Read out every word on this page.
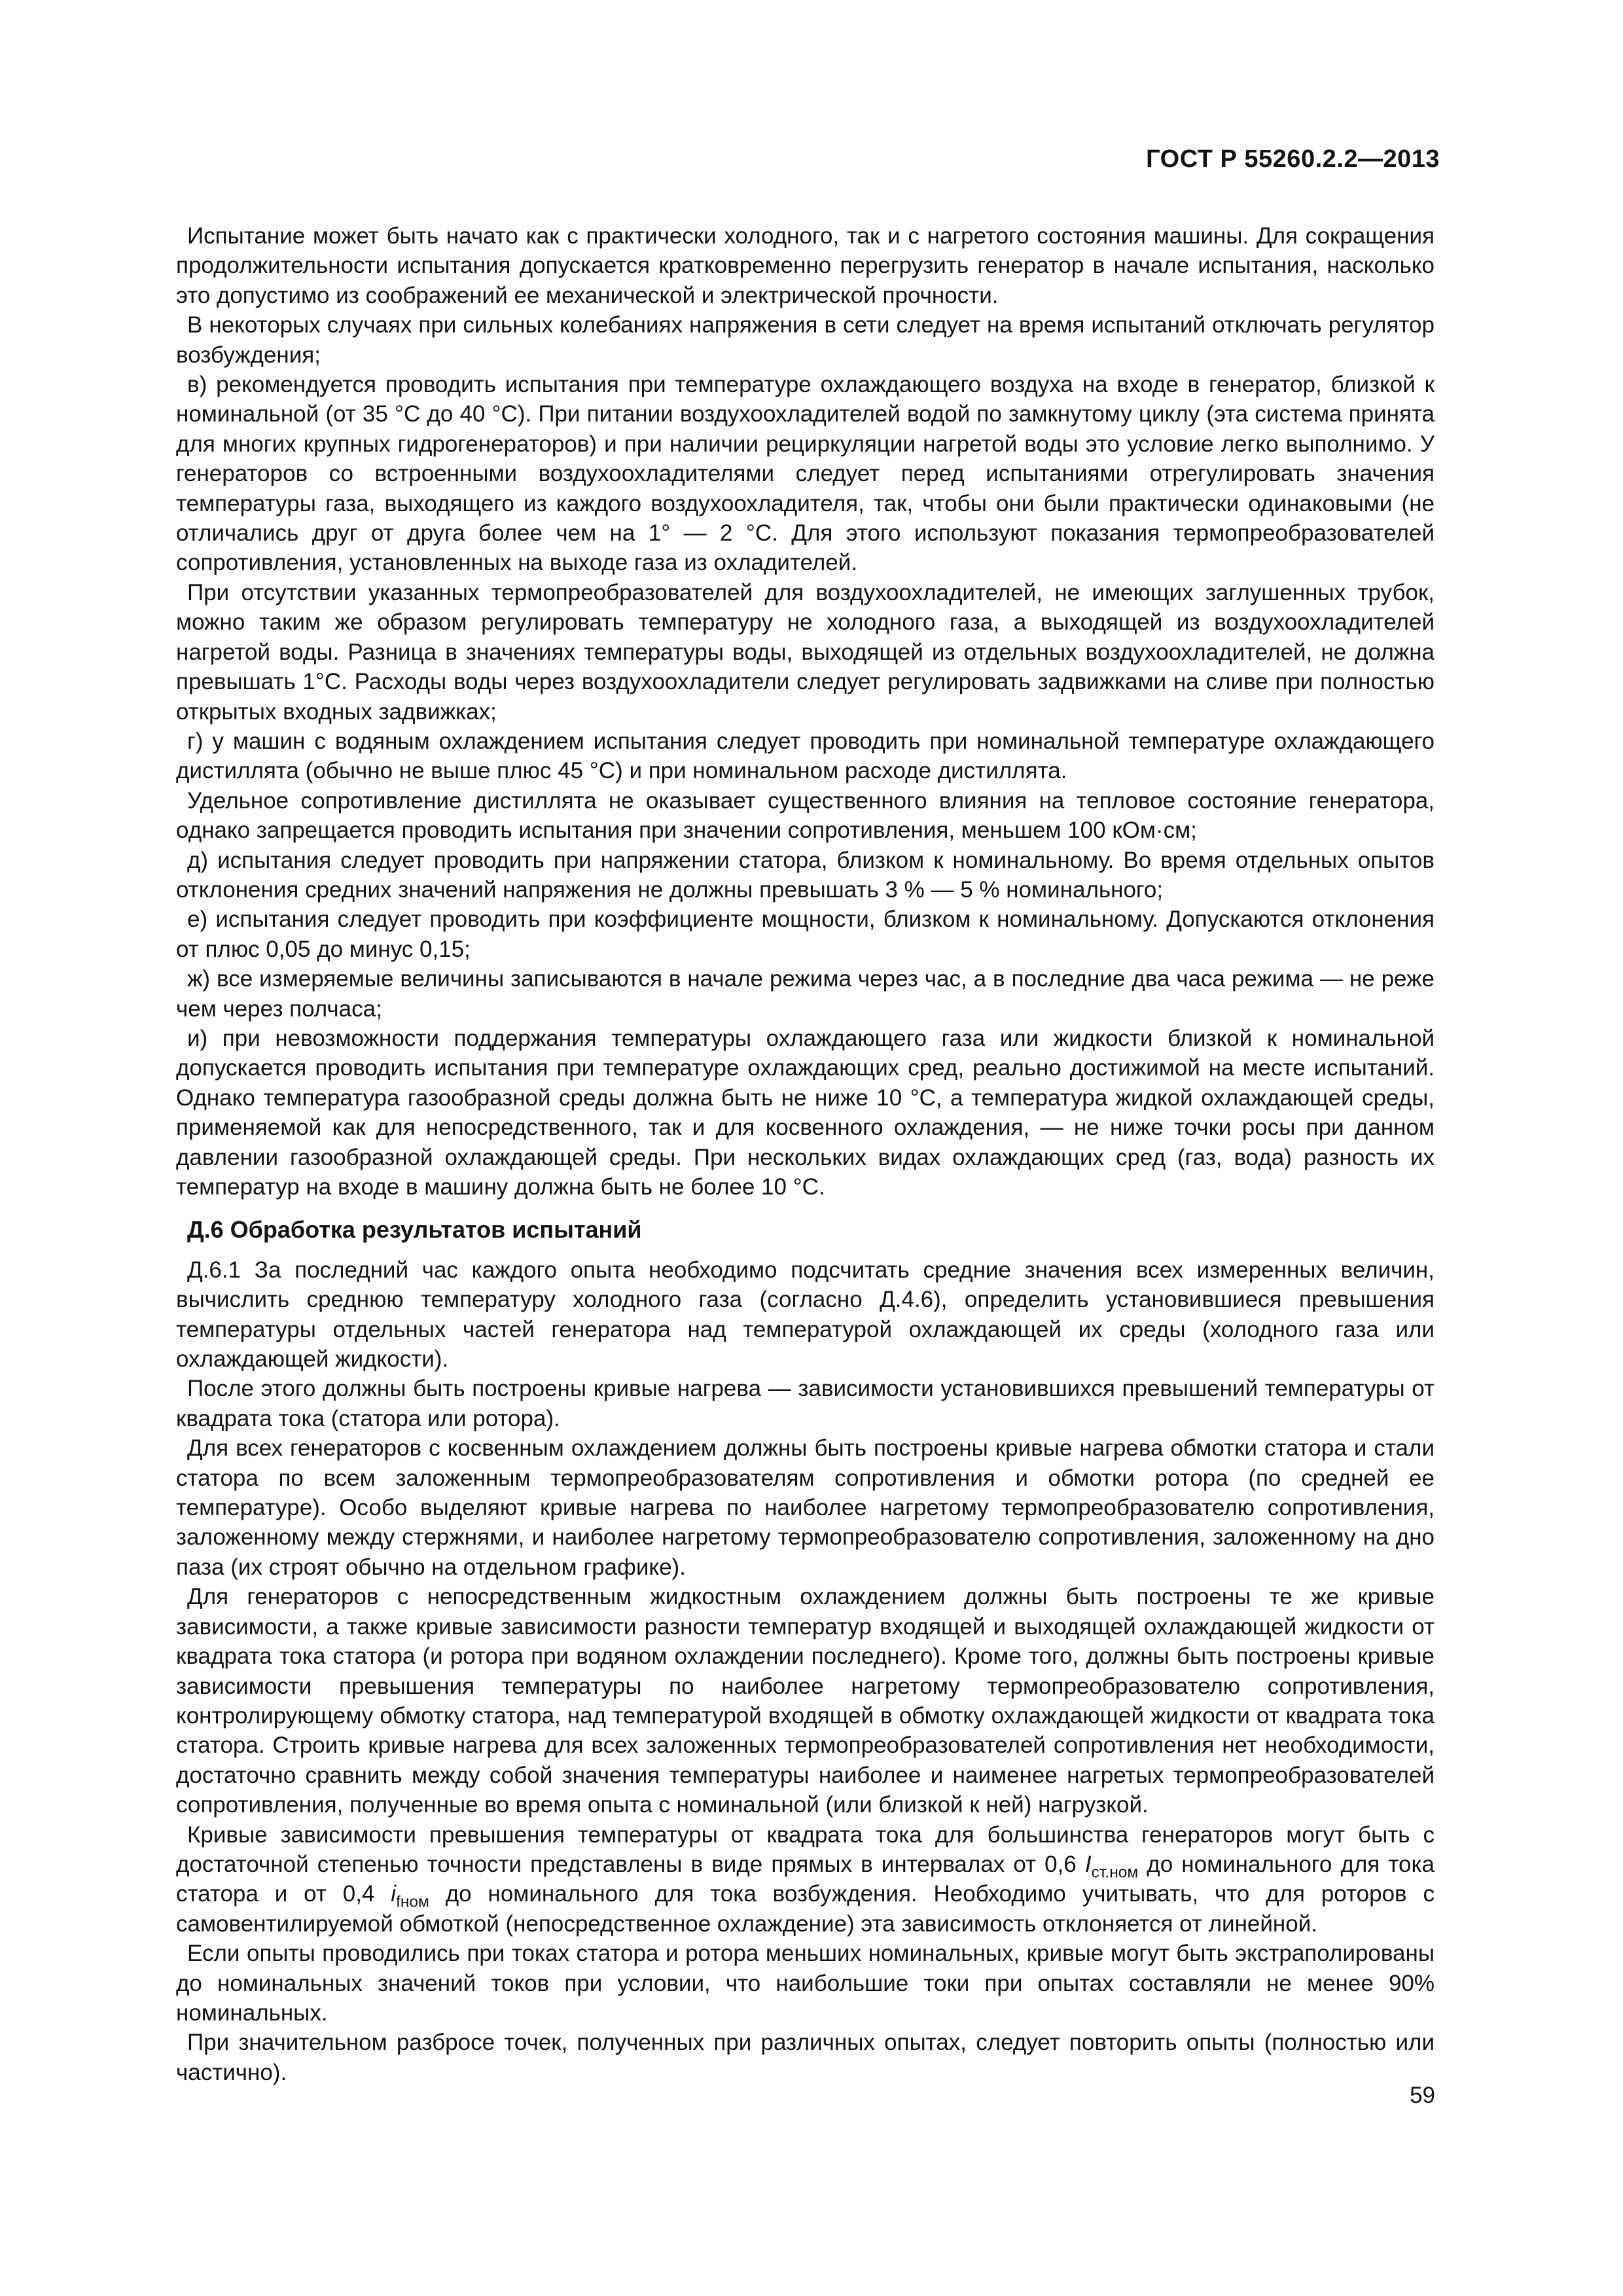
ГОСТ Р 55260.2.2—2013

Испытание может быть начато как с практически холодного, так и с нагретого состояния машины. Для сокращения продолжительности испытания допускается кратковременно перегрузить генератор в начале испытания, насколько это допустимо из соображений ее механической и электрической прочности.

В некоторых случаях при сильных колебаниях напряжения в сети следует на время испытаний отключать регулятор возбуждения;

в) рекомендуется проводить испытания при температуре охлаждающего воздуха на входе в генератор, близкой к номинальной (от 35 °С до 40 °С). При питании воздухоохладителей водой по замкнутому циклу (эта система принята для многих крупных гидрогенераторов) и при наличии рециркуляции нагретой воды это условие легко выполнимо. У генераторов со встроенными воздухоохладителями следует перед испытаниями отрегулировать значения температуры газа, выходящего из каждого воздухоохладителя, так, чтобы они были практически одинаковыми (не отличались друг от друга более чем на 1° — 2 °С. Для этого используют показания термопреобразователей сопротивления, установленных на выходе газа из охладителей.

При отсутствии указанных термопреобразователей для воздухоохладителей, не имеющих заглушенных трубок, можно таким же образом регулировать температуру не холодного газа, а выходящей из воздухоохладителей нагретой воды. Разница в значениях температуры воды, выходящей из отдельных воздухоохладителей, не должна превышать 1°С. Расходы воды через воздухоохладители следует регулировать задвижками на сливе при полностью открытых входных задвижках;

г) у машин с водяным охлаждением испытания следует проводить при номинальной температуре охлаждающего дистиллята (обычно не выше плюс 45 °С) и при номинальном расходе дистиллята.

Удельное сопротивление дистиллята не оказывает существенного влияния на тепловое состояние генератора, однако запрещается проводить испытания при значении сопротивления, меньшем 100 кОм·см;

д) испытания следует проводить при напряжении статора, близком к номинальному. Во время отдельных опытов отклонения средних значений напряжения не должны превышать 3 % — 5 % номинального;

е) испытания следует проводить при коэффициенте мощности, близком к номинальному. Допускаются отклонения от плюс 0,05 до минус 0,15;

ж) все измеряемые величины записываются в начале режима через час, а в последние два часа режима — не реже чем через полчаса;

и) при невозможности поддержания температуры охлаждающего газа или жидкости близкой к номинальной допускается проводить испытания при температуре охлаждающих сред, реально достижимой на месте испытаний. Однако температура газообразной среды должна быть не ниже 10 °С, а температура жидкой охлаждающей среды, применяемой как для непосредственного, так и для косвенного охлаждения, — не ниже точки росы при данном давлении газообразной охлаждающей среды. При нескольких видах охлаждающих сред (газ, вода) разность их температур на входе в машину должна быть не более 10 °С.

Д.6 Обработка результатов испытаний

Д.6.1 За последний час каждого опыта необходимо подсчитать средние значения всех измеренных величин, вычислить среднюю температуру холодного газа (согласно Д.4.6), определить установившиеся превышения температуры отдельных частей генератора над температурой охлаждающей их среды (холодного газа или охлаждающей жидкости).

После этого должны быть построены кривые нагрева — зависимости установившихся превышений температуры от квадрата тока (статора или ротора).

Для всех генераторов с косвенным охлаждением должны быть построены кривые нагрева обмотки статора и стали статора по всем заложенным термопреобразователям сопротивления и обмотки ротора (по средней ее температуре). Особо выделяют кривые нагрева по наиболее нагретому термопреобразователю сопротивления, заложенному между стержнями, и наиболее нагретому термопреобразователю сопротивления, заложенному на дно паза (их строят обычно на отдельном графике).

Для генераторов с непосредственным жидкостным охлаждением должны быть построены те же кривые зависимости, а также кривые зависимости разности температур входящей и выходящей охлаждающей жидкости от квадрата тока статора (и ротора при водяном охлаждении последнего). Кроме того, должны быть построены кривые зависимости превышения температуры по наиболее нагретому термопреобразователю сопротивления, контролирующему обмотку статора, над температурой входящей в обмотку охлаждающей жидкости от квадрата тока статора. Строить кривые нагрева для всех заложенных термопреобразователей сопротивления нет необходимости, достаточно сравнить между собой значения температуры наиболее и наименее нагретых термопреобразователей сопротивления, полученные во время опыта с номинальной (или близкой к ней) нагрузкой.

Кривые зависимости превышения температуры от квадрата тока для большинства генераторов могут быть с достаточной степенью точности представлены в виде прямых в интервалах от 0,6 $I_{ст.ном}$ до номинального для тока статора и от 0,4 $i_{fном}$ до номинального для тока возбуждения. Необходимо учитывать, что для роторов с самовентилируемой обмоткой (непосредственное охлаждение) эта зависимость отклоняется от линейной.

Если опыты проводились при токах статора и ротора меньших номинальных, кривые могут быть экстраполированы до номинальных значений токов при условии, что наибольшие токи при опытах составляли не менее 90% номинальных.

При значительном разбросе точек, полученных при различных опытах, следует повторить опыты (полностью или частично).

59
